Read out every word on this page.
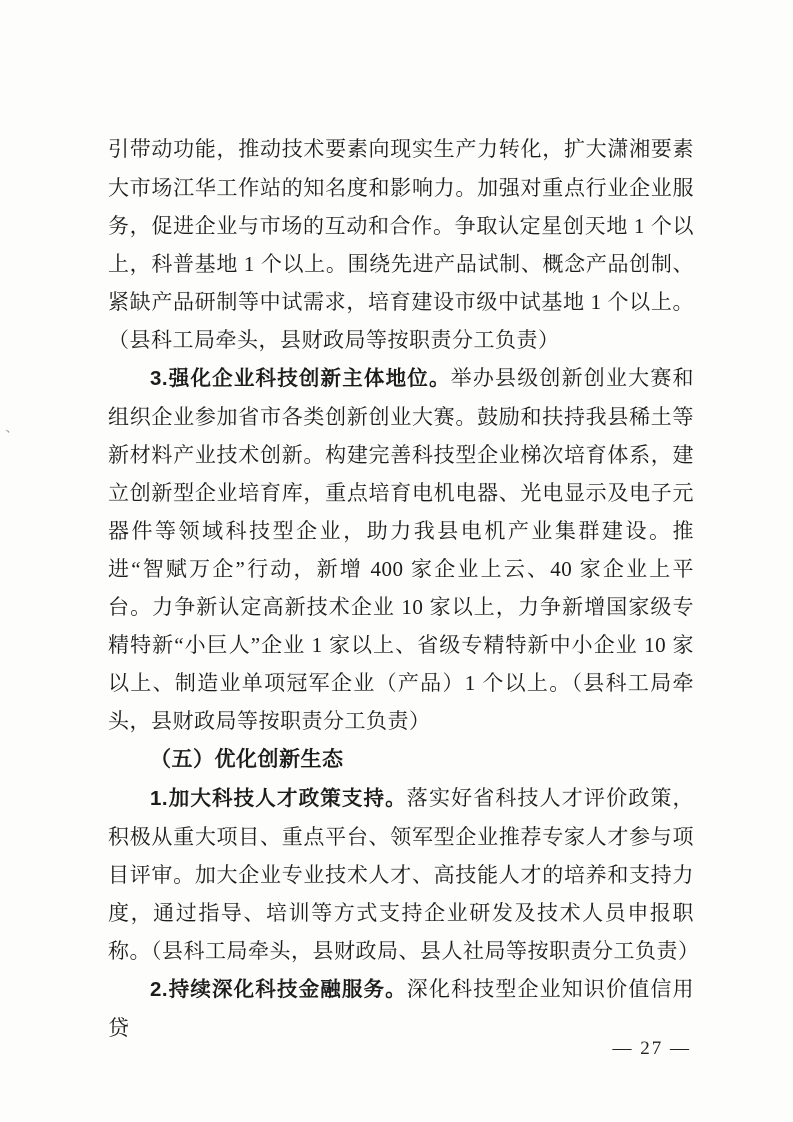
、

引带动功能，推动技术要素向现实生产力转化，扩大潇湘要素大市场江华工作站的知名度和影响力。加强对重点行业企业服务，促进企业与市场的互动和合作。争取认定星创天地 1 个以上，科普基地 1 个以上。围绕先进产品试制、概念产品创制、紧缺产品研制等中试需求，培育建设市级中试基地 1 个以上。（县科工局牵头，县财政局等按职责分工负责）

3.强化企业科技创新主体地位。举办县级创新创业大赛和组织企业参加省市各类创新创业大赛。鼓励和扶持我县稀土等新材料产业技术创新。构建完善科技型企业梯次培育体系，建立创新型企业培育库，重点培育电机电器、光电显示及电子元器件等领域科技型企业，助力我县电机产业集群建设。推进“智赋万企”行动，新增 400 家企业上云、40 家企业上平台。力争新认定高新技术企业 10 家以上，力争新增国家级专精特新“小巨人”企业 1 家以上、省级专精特新中小企业 10 家以上、制造业单项冠军企业（产品）1 个以上。（县科工局牵头，县财政局等按职责分工负责）

（五）优化创新生态

1.加大科技人才政策支持。落实好省科技人才评价政策，积极从重大项目、重点平台、领军型企业推荐专家人才参与项目评审。加大企业专业技术人才、高技能人才的培养和支持力度，通过指导、培训等方式支持企业研发及技术人员申报职称。（县科工局牵头，县财政局、县人社局等按职责分工负责）

2.持续深化科技金融服务。深化科技型企业知识价值信用贷

— 27 —
